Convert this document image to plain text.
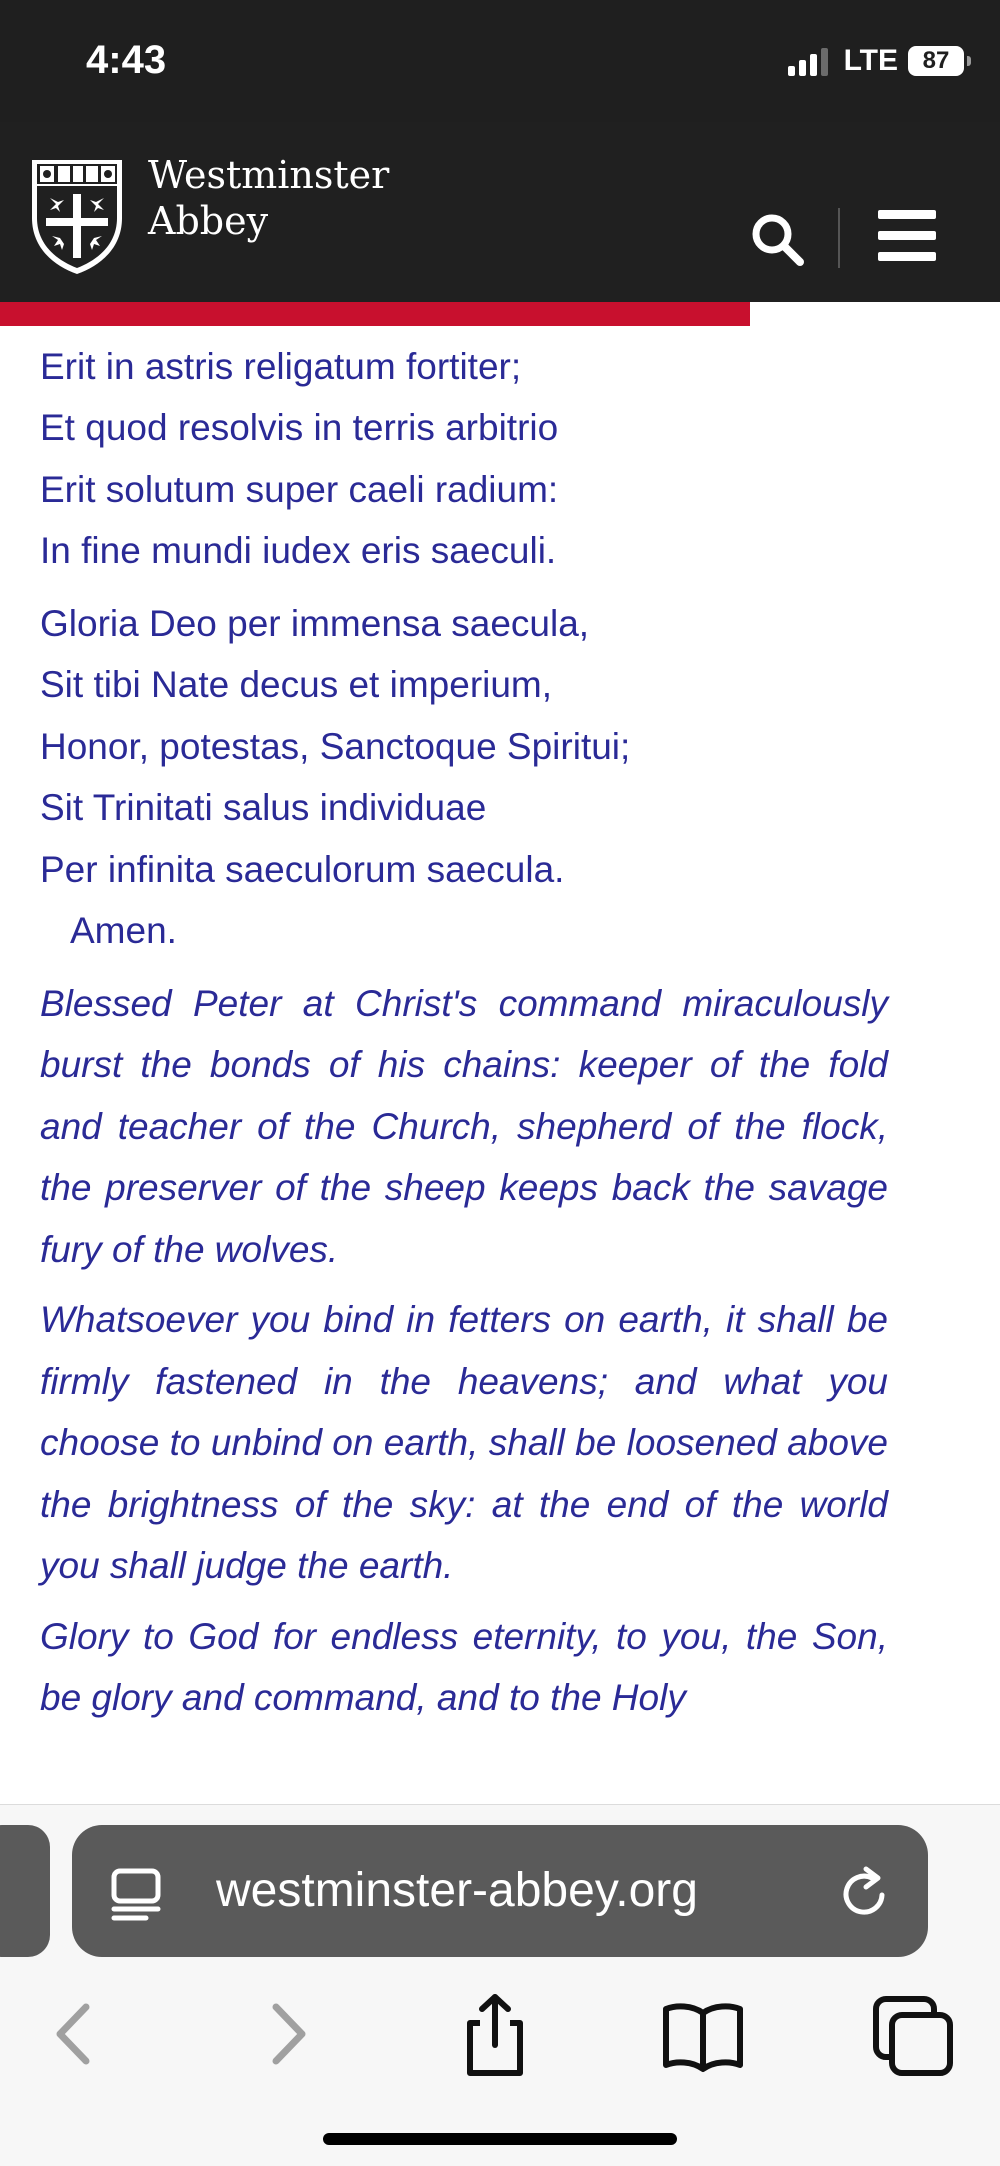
4:43	LTE	87
Westminster
Abbey
Erit in astris religatum fortiter;
Et quod resolvis in terris arbitrio
Erit solutum super caeli radium:
In fine mundi iudex eris saeculi.
Gloria Deo per immensa saecula,
Sit tibi Nate decus et imperium,
Honor, potestas, Sanctoque Spiritui;
Sit Trinitati salus individuae
Per infinita saeculorum saecula.
Amen.

Blessed Peter at Christ's command miraculously burst the bonds of his chains: keeper of the fold and teacher of the Church, shepherd of the flock, the preserver of the sheep keeps back the savage fury of the wolves.

Whatsoever you bind in fetters on earth, it shall be firmly fastened in the heavens; and what you choose to unbind on earth, shall be loosened above the brightness of the sky: at the end of the world you shall judge the earth.

Glory to God for endless eternity, to you, the Son, be glory and command, and to the Holy

westminster-abbey.org
